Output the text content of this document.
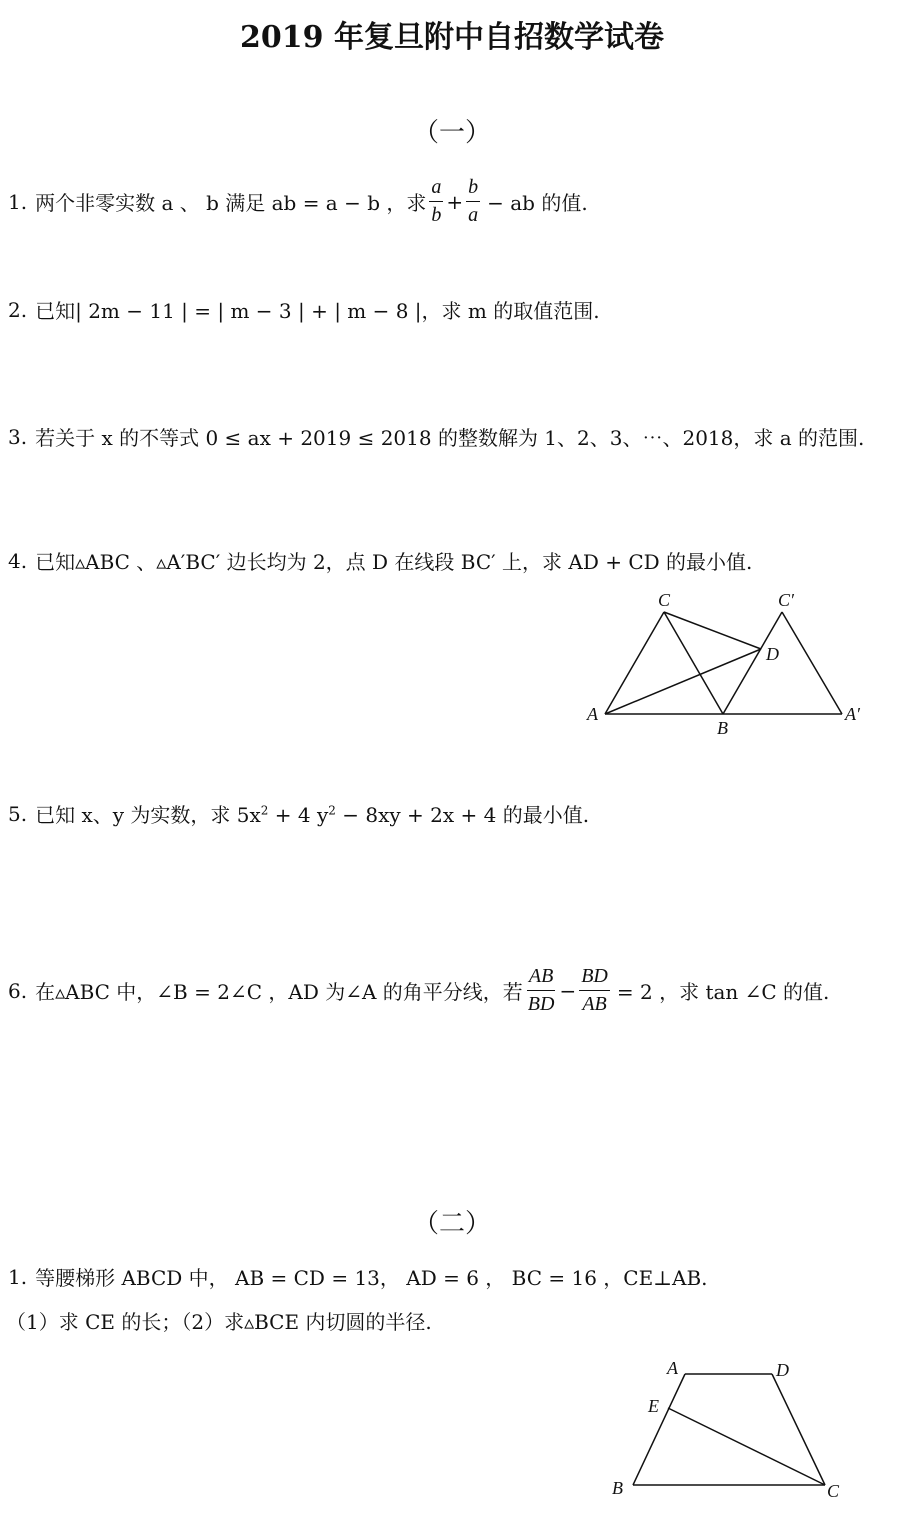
2019 年复旦附中自招数学试卷
（一）
1. 两个非零实数 a 、 b 满足 ab = a − b ，求 $\frac{a}{b} + \frac{b}{a}$ − ab 的值.
2. 已知| 2m − 11 | = | m − 3 | + | m − 8 |，求 m 的取值范围.
3. 若关于 x 的不等式 0 ≤ ax + 2019 ≤ 2018 的整数解为 1、2、3、⋯、2018，求 a 的范围.
4. 已知▵ABC 、▵A′BC′ 边长均为 2，点 D 在线段 BC′ 上，求 AD + CD 的最小值.
C	C′
D
A
B
A′
5. 已知 x、y 为实数，求 $5x^2 + 4$ $y^2 - 8xy + 2x + 4$ 的最小值.
6. 在▵ABC 中，∠B = 2∠C ，AD 为∠A 的角平分线，若 $\frac{AB}{BD} - \frac{BD}{AB} = 2$ ，求 tan ∠C 的值.
（二）
1. 等腰梯形 ABCD 中， AB = CD = 13， AD = 6 ， BC = 16 ，CE⊥AB.
（1）求 CE 的长；（2）求▵BCE 内切圆的半径.
A	D
E
B	C
